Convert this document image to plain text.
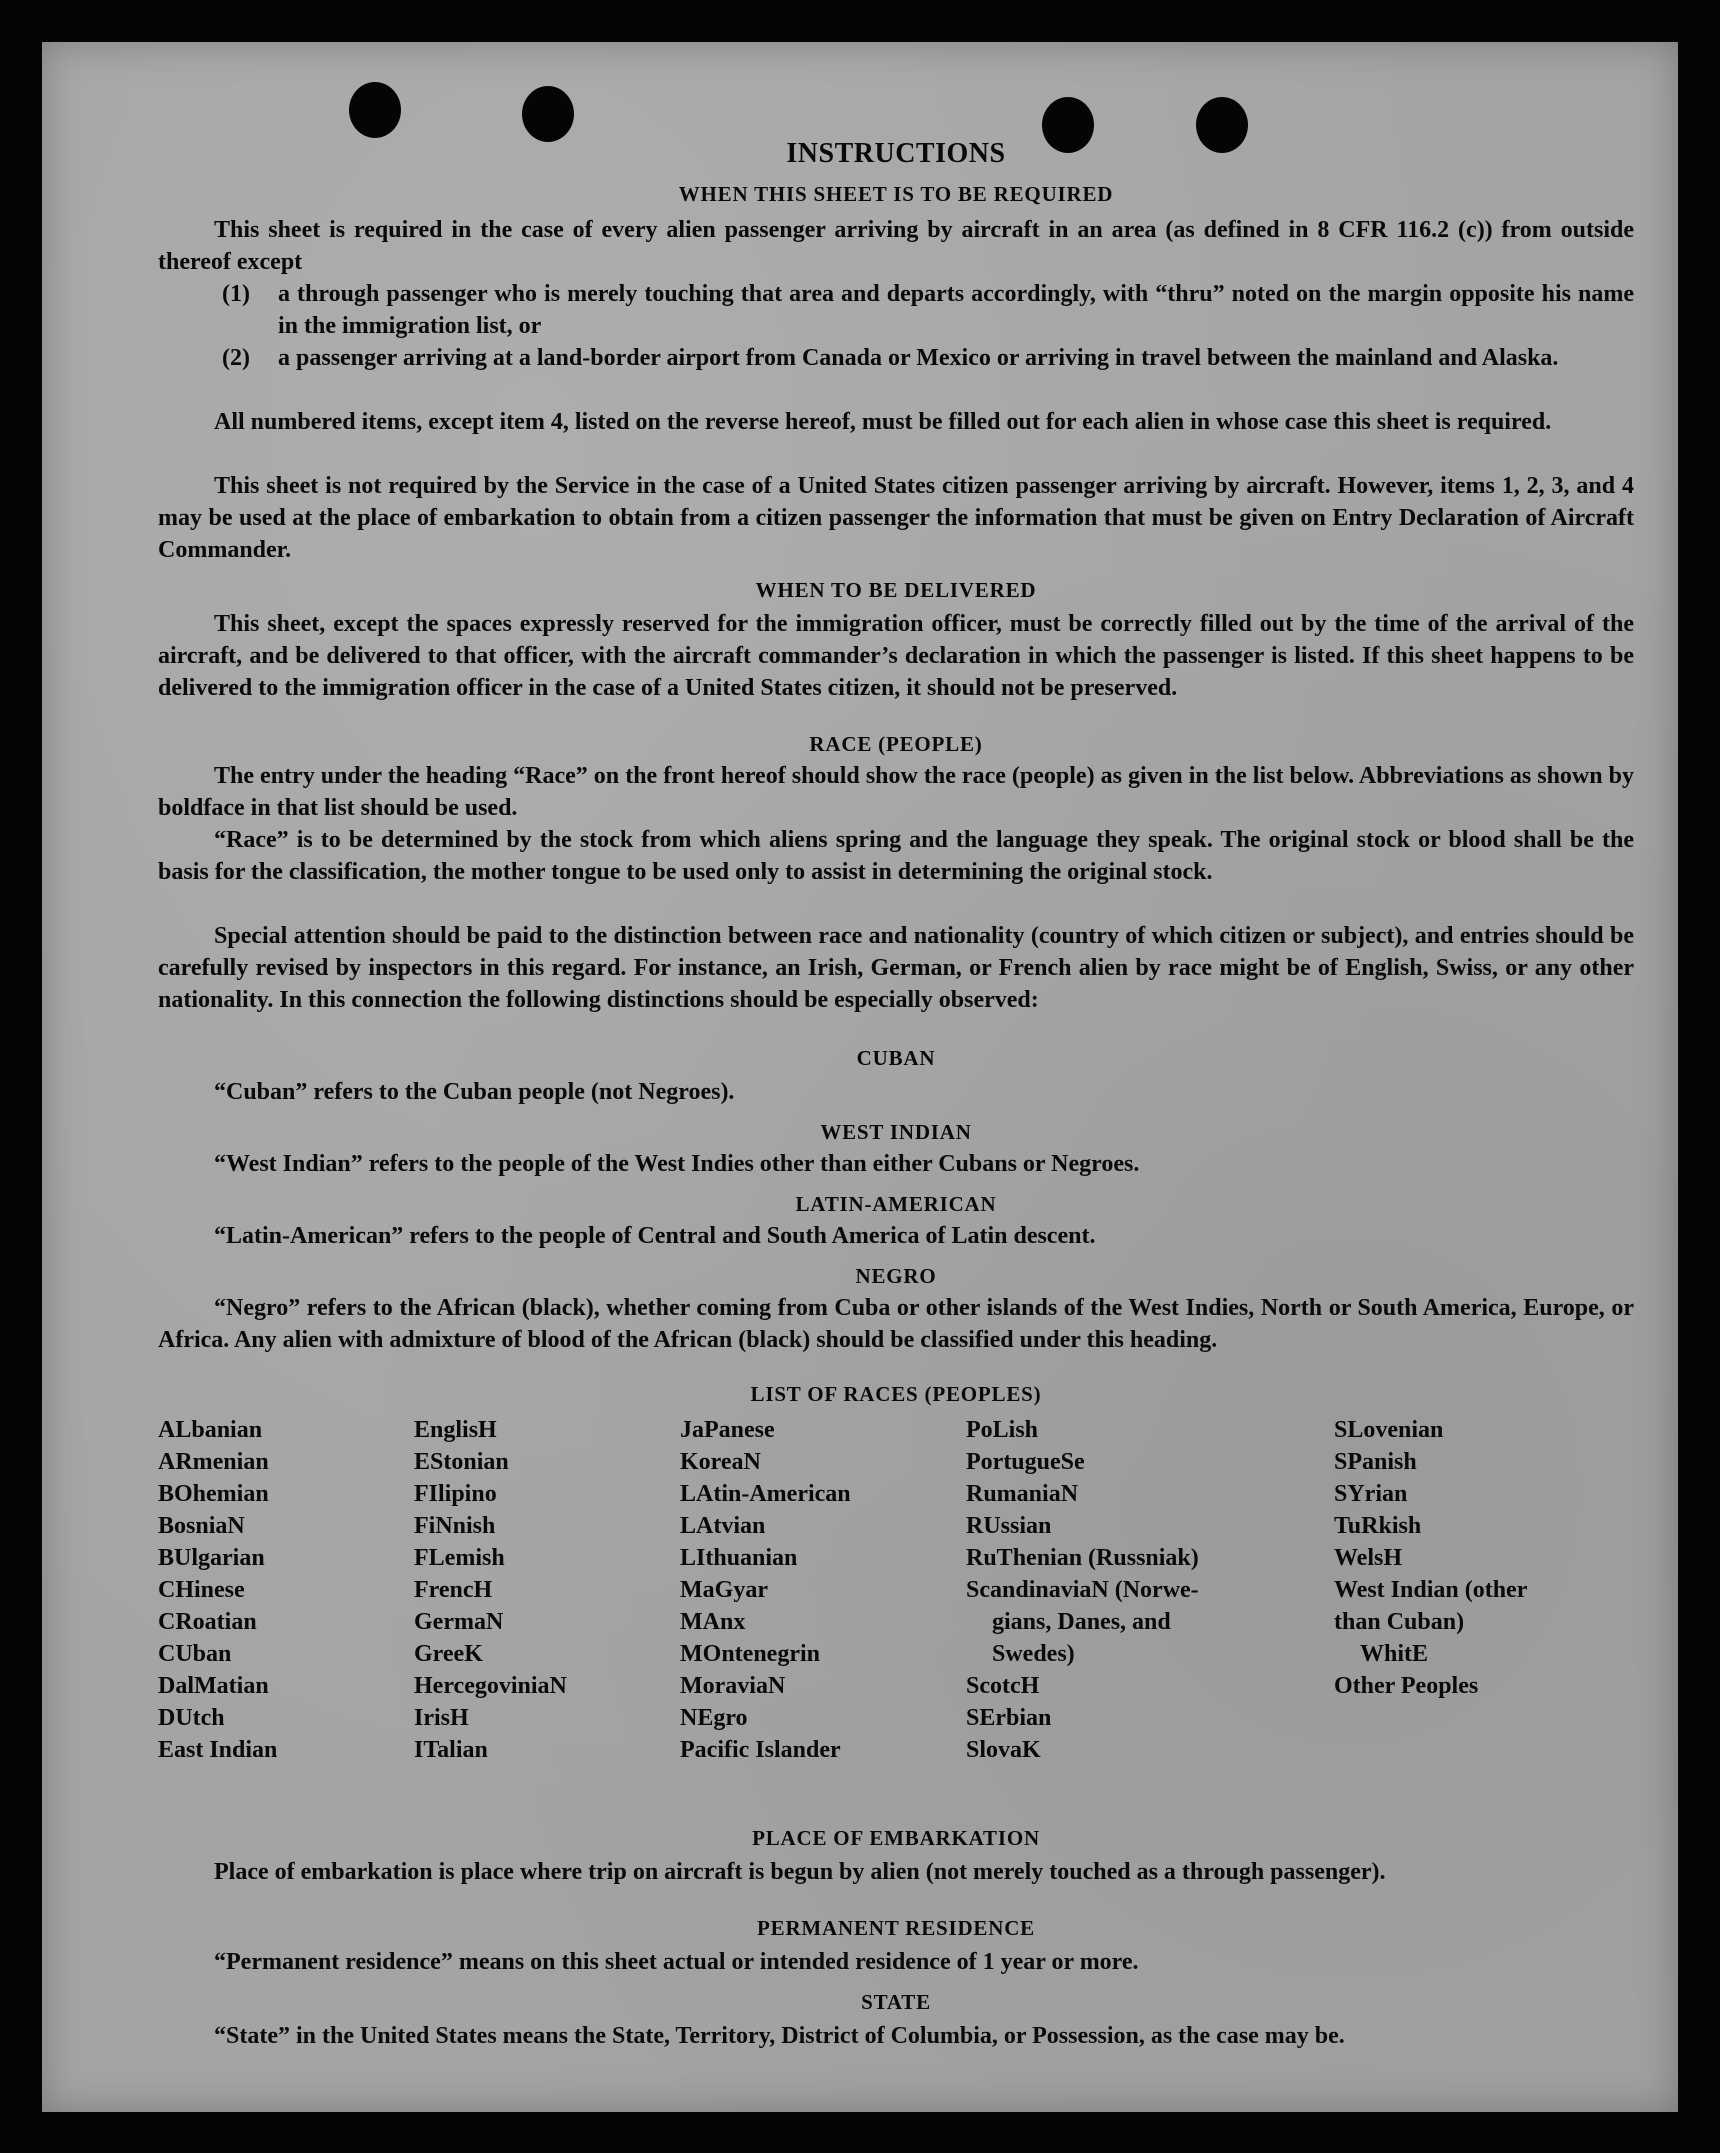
INSTRUCTIONS
WHEN THIS SHEET IS TO BE REQUIRED

This sheet is required in the case of every alien passenger arriving by aircraft in an area (as defined in 8 CFR 116.2 (c)) from outside thereof except

(1) a through passenger who is merely touching that area and departs accordingly, with “thru” noted on the margin opposite his name in the immigration list, or

(2) a passenger arriving at a land-border airport from Canada or Mexico or arriving in travel between the mainland and Alaska.

All numbered items, except item 4, listed on the reverse hereof, must be filled out for each alien in whose case this sheet is required.

This sheet is not required by the Service in the case of a United States citizen passenger arriving by aircraft. However, items 1, 2, 3, and 4 may be used at the place of embarkation to obtain from a citizen passenger the information that must be given on Entry Declaration of Aircraft Commander.

WHEN TO BE DELIVERED

This sheet, except the spaces expressly reserved for the immigration officer, must be correctly filled out by the time of the arrival of the aircraft, and be delivered to that officer, with the aircraft commander’s declaration in which the passenger is listed. If this sheet happens to be delivered to the immigration officer in the case of a United States citizen, it should not be preserved.

RACE (PEOPLE)

The entry under the heading “Race” on the front hereof should show the race (people) as given in the list below. Abbreviations as shown by boldface in that list should be used.

“Race” is to be determined by the stock from which aliens spring and the language they speak. The original stock or blood shall be the basis for the classification, the mother tongue to be used only to assist in determining the original stock.

Special attention should be paid to the distinction between race and nationality (country of which citizen or subject), and entries should be carefully revised by inspectors in this regard. For instance, an Irish, German, or French alien by race might be of English, Swiss, or any other nationality. In this connection the following distinctions should be especially observed:

CUBAN

“Cuban” refers to the Cuban people (not Negroes).

WEST INDIAN

“West Indian” refers to the people of the West Indies other than either Cubans or Negroes.

LATIN-AMERICAN

“Latin-American” refers to the people of Central and South America of Latin descent.

NEGRO

“Negro” refers to the African (black), whether coming from Cuba or other islands of the West Indies, North or South America, Europe, or Africa. Any alien with admixture of blood of the African (black) should be classified under this heading.

LIST OF RACES (PEOPLES)
ALbanian
ARmenian
BOhemian
BosniaN
BUlgarian
CHinese
CRoatian
CUban
DalMatian
DUtch
East Indian
EnglisH
EStonian
FIlipino
FiNnish
FLemish
FrencH
GermaN
GreeK
HercegoviniaN
IrisH
ITalian
JaPanese
KoreaN
LAtin-American
LAtvian
LIthuanian
MaGyar
MAnx
MOntenegrin
MoraviaN
NEgro
Pacific Islander
PoLish
PortugueSe
RumaniaN
RUssian
RuThenian (Russniak)
ScandinaviaN (Norwe-
gians, Danes, and
Swedes)
ScotcH
SErbian
SlovaK
SLovenian
SPanish
SYrian
TuRkish
WelsH
West Indian (other
than Cuban)
WhitE
Other Peoples
PLACE OF EMBARKATION

Place of embarkation is place where trip on aircraft is begun by alien (not merely touched as a through passenger).

PERMANENT RESIDENCE

“Permanent residence” means on this sheet actual or intended residence of 1 year or more.

STATE

“State” in the United States means the State, Territory, District of Columbia, or Possession, as the case may be.
